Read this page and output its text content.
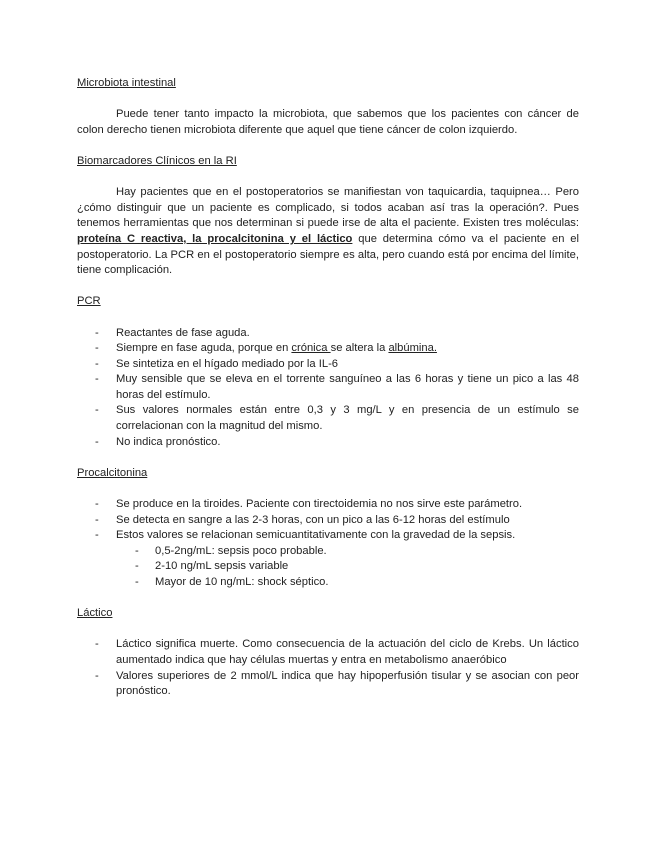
Microbiota intestinal

Puede tener tanto impacto la microbiota, que sabemos que los pacientes con cáncer de colon derecho tienen microbiota diferente que aquel que tiene cáncer de colon izquierdo.

Biomarcadores Clínicos en la RI

Hay pacientes que en el postoperatorios se manifiestan von taquicardia, taquipnea… Pero ¿cómo distinguir que un paciente es complicado, si todos acaban así tras la operación?. Pues tenemos herramientas que nos determinan si puede irse de alta el paciente. Existen tres moléculas: proteína C reactiva, la procalcitonina y el láctico que determina cómo va el paciente en el postoperatorio. La PCR en el postoperatorio siempre es alta, pero cuando está por encima del límite, tiene complicación.

PCR

- Reactantes de fase aguda.
- Siempre en fase aguda, porque en crónica se altera la albúmina.
- Se sintetiza en el hígado mediado por la IL-6
- Muy sensible que se eleva en el torrente sanguíneo a las 6 horas y tiene un pico a las 48 horas del estímulo.
- Sus valores normales están entre 0,3 y 3 mg/L y en presencia de un estímulo se correlacionan con la magnitud del mismo.
- No indica pronóstico.

Procalcitonina

- Se produce en la tiroides. Paciente con tirectoidemia no nos sirve este parámetro.
- Se detecta en sangre a las 2-3 horas, con un pico a las 6-12 horas del estímulo
- Estos valores se relacionan semicuantitativamente con la gravedad de la sepsis.
- 0,5-2ng/mL: sepsis poco probable.
- 2-10 ng/mL sepsis variable
- Mayor de 10 ng/mL: shock séptico.

Láctico

- Láctico significa muerte. Como consecuencia de la actuación del ciclo de Krebs. Un láctico aumentado indica que hay células muertas y entra en metabolismo anaeróbico
- Valores superiores de 2 mmol/L indica que hay hipoperfusión tisular y se asocian con peor pronóstico.
